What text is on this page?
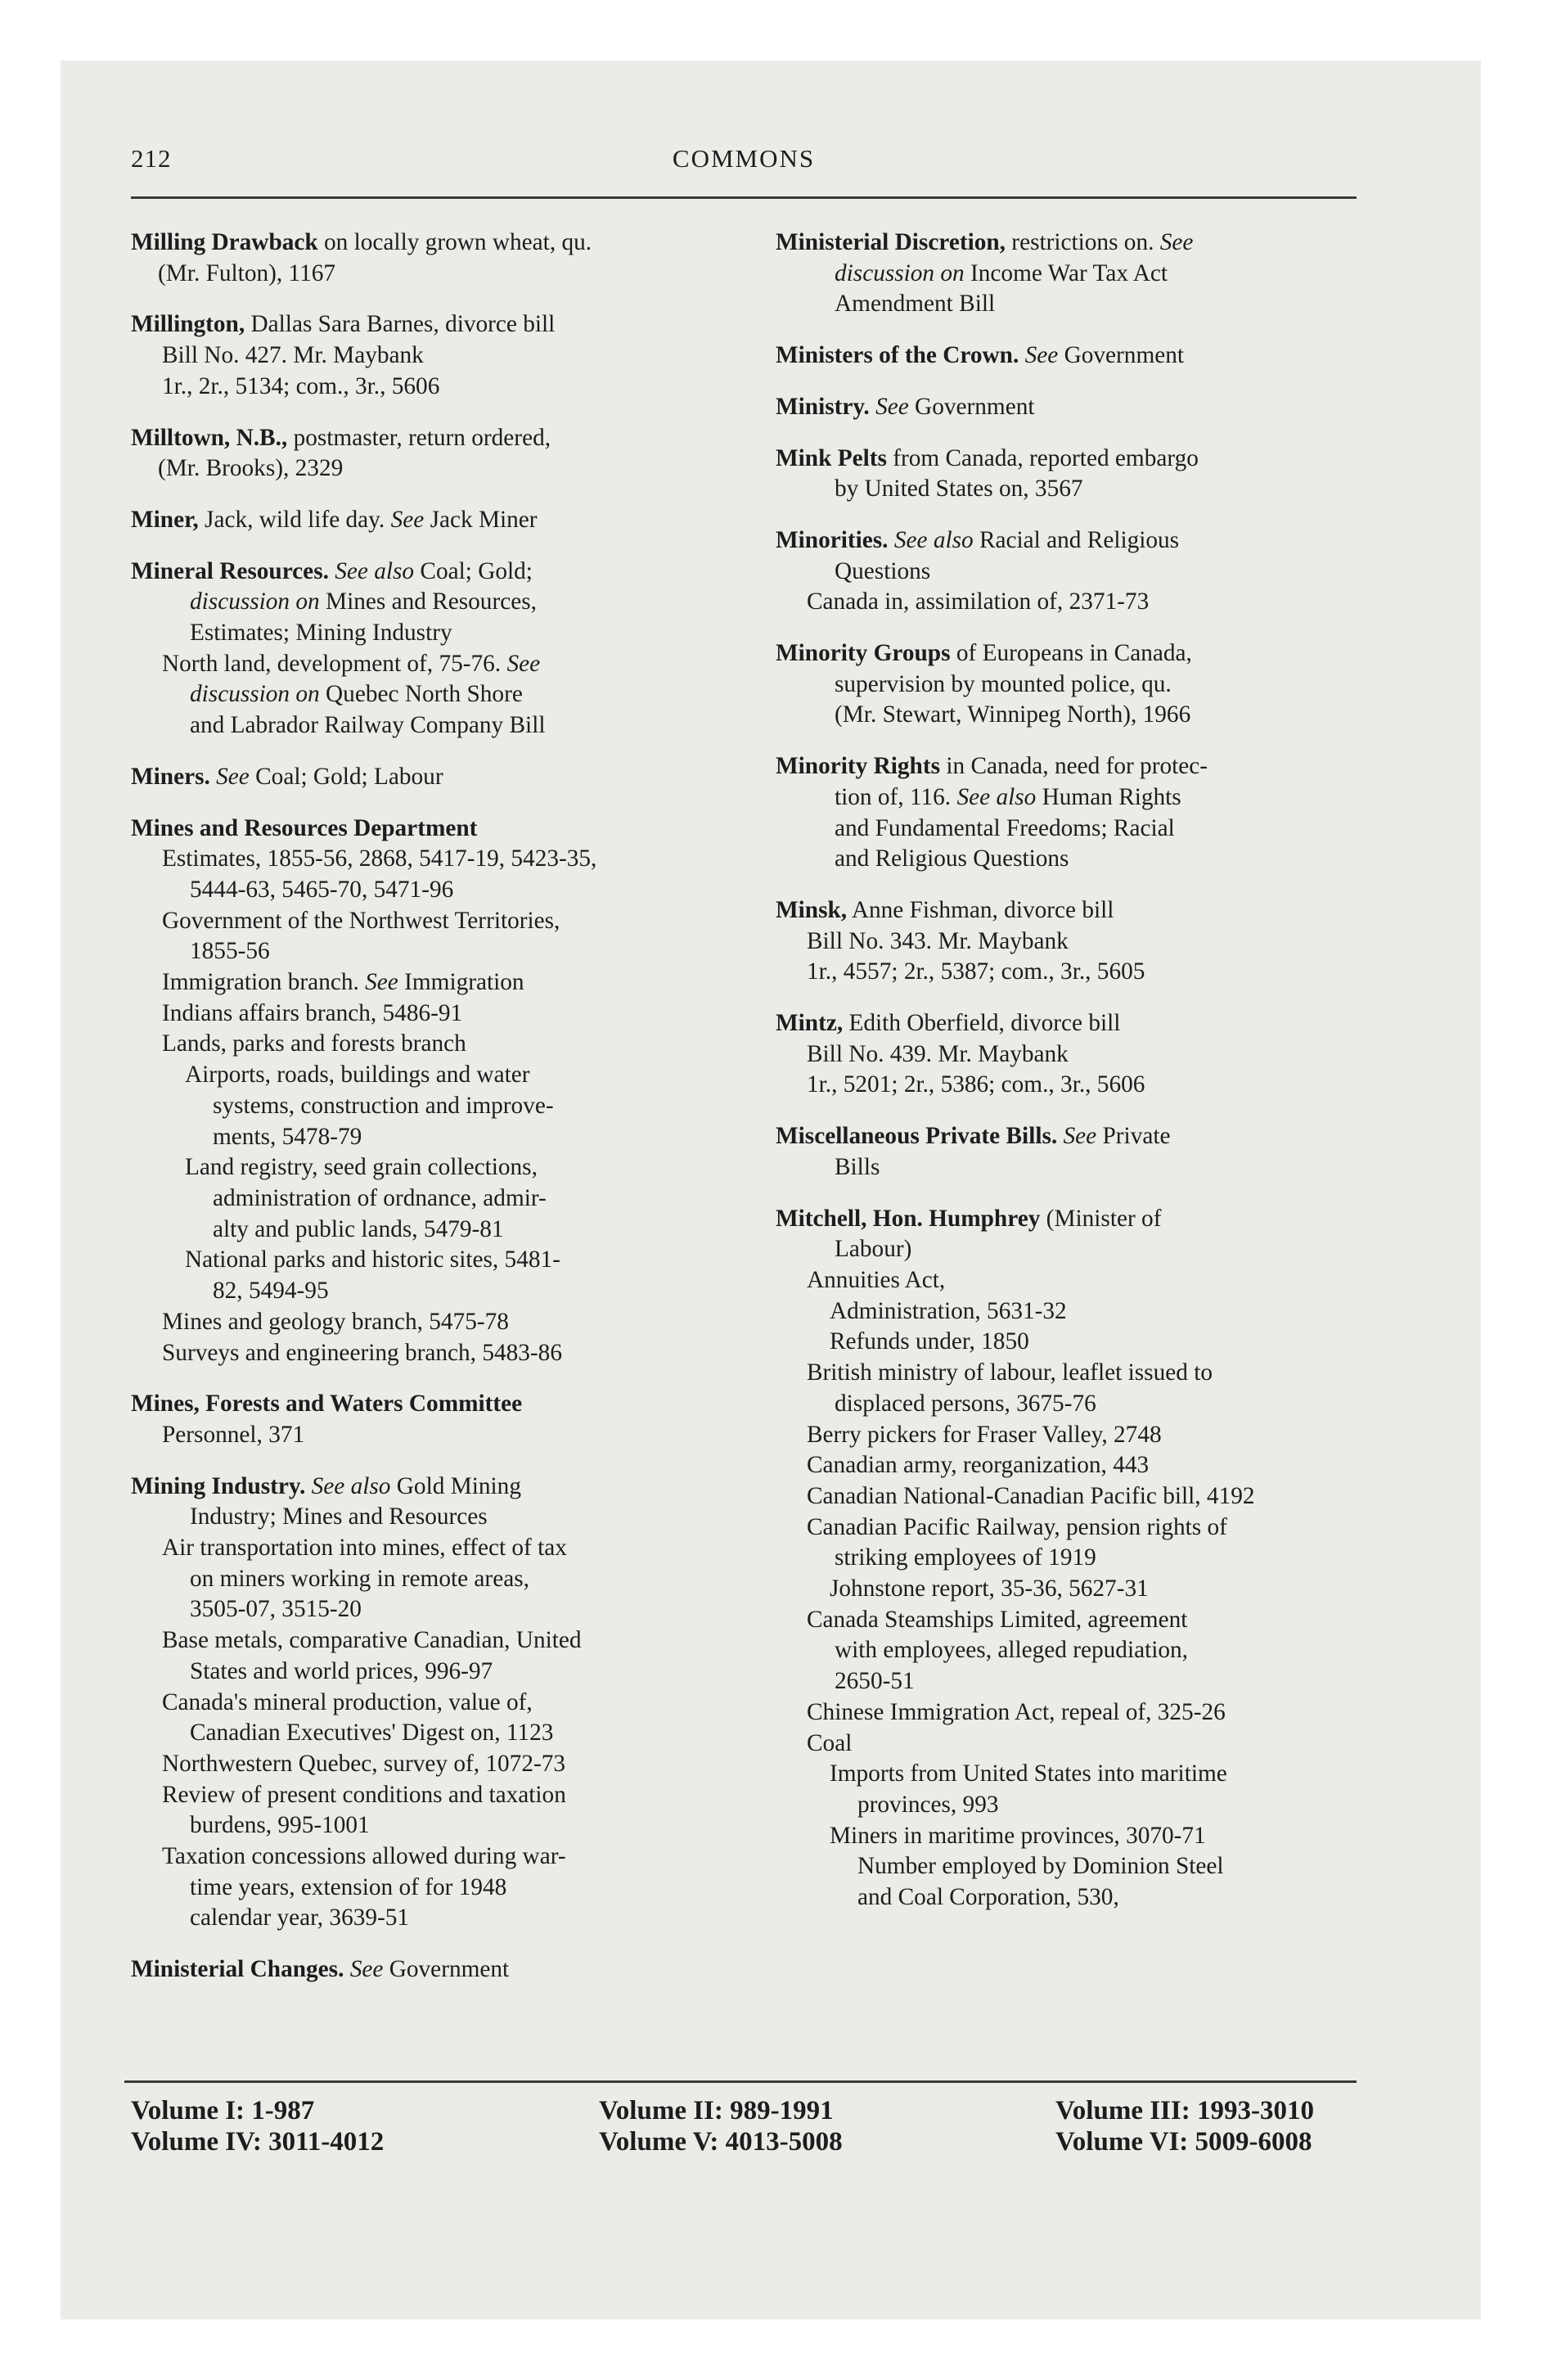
212	COMMONS
Milling Drawback on locally grown wheat, qu.
(Mr. Fulton), 1167
Millington, Dallas Sara Barnes, divorce bill
Bill No. 427. Mr. Maybank
1r., 2r., 5134; com., 3r., 5606
Milltown, N.B., postmaster, return ordered,
(Mr. Brooks), 2329
Miner, Jack, wild life day. See Jack Miner
Mineral Resources. See also Coal; Gold;
discussion on Mines and Resources,
Estimates; Mining Industry
North land, development of, 75-76. See
discussion on Quebec North Shore
and Labrador Railway Company Bill
Miners. See Coal; Gold; Labour
Mines and Resources Department
Estimates, 1855-56, 2868, 5417-19, 5423-35,
5444-63, 5465-70, 5471-96
Government of the Northwest Territories,
1855-56
Immigration branch. See Immigration
Indians affairs branch, 5486-91
Lands, parks and forests branch
Airports, roads, buildings and water
systems, construction and improve-
ments, 5478-79
Land registry, seed grain collections,
administration of ordnance, admir-
alty and public lands, 5479-81
National parks and historic sites, 5481-
82, 5494-95
Mines and geology branch, 5475-78
Surveys and engineering branch, 5483-86
Mines, Forests and Waters Committee
Personnel, 371
Mining Industry. See also Gold Mining
Industry; Mines and Resources
Air transportation into mines, effect of tax
on miners working in remote areas,
3505-07, 3515-20
Base metals, comparative Canadian, United
States and world prices, 996-97
Canada's mineral production, value of,
Canadian Executives' Digest on, 1123
Northwestern Quebec, survey of, 1072-73
Review of present conditions and taxation
burdens, 995-1001
Taxation concessions allowed during war-
time years, extension of for 1948
calendar year, 3639-51
Ministerial Changes. See Government
Ministerial Discretion, restrictions on. See
discussion on Income War Tax Act
Amendment Bill
Ministers of the Crown. See Government
Ministry. See Government
Mink Pelts from Canada, reported embargo
by United States on, 3567
Minorities. See also Racial and Religious
Questions
Canada in, assimilation of, 2371-73
Minority Groups of Europeans in Canada,
supervision by mounted police, qu.
(Mr. Stewart, Winnipeg North), 1966
Minority Rights in Canada, need for protec-
tion of, 116. See also Human Rights
and Fundamental Freedoms; Racial
and Religious Questions
Minsk, Anne Fishman, divorce bill
Bill No. 343. Mr. Maybank
1r., 4557; 2r., 5387; com., 3r., 5605
Mintz, Edith Oberfield, divorce bill
Bill No. 439. Mr. Maybank
1r., 5201; 2r., 5386; com., 3r., 5606
Miscellaneous Private Bills. See Private
Bills
Mitchell, Hon. Humphrey (Minister of
Labour)
Annuities Act,
Administration, 5631-32
Refunds under, 1850
British ministry of labour, leaflet issued to
displaced persons, 3675-76
Berry pickers for Fraser Valley, 2748
Canadian army, reorganization, 443
Canadian National-Canadian Pacific bill, 4192
Canadian Pacific Railway, pension rights of
striking employees of 1919
Johnstone report, 35-36, 5627-31
Canada Steamships Limited, agreement
with employees, alleged repudiation,
2650-51
Chinese Immigration Act, repeal of, 325-26
Coal
Imports from United States into maritime
provinces, 993
Miners in maritime provinces, 3070-71
Number employed by Dominion Steel
and Coal Corporation, 530,
Volume I: 1-987
Volume IV: 3011-4012
Volume II: 989-1991
Volume V: 4013-5008
Volume III: 1993-3010
Volume VI: 5009-6008
